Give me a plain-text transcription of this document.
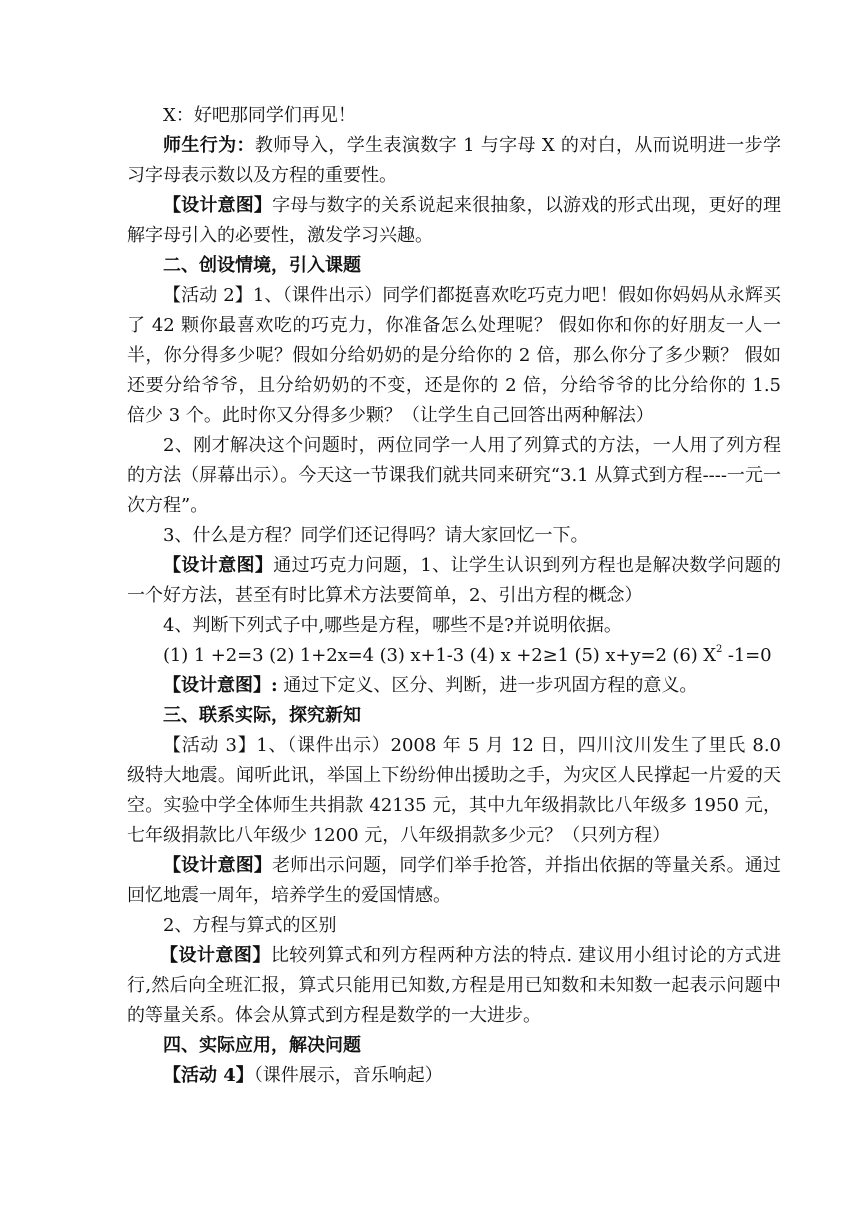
X：好吧那同学们再见！

师生行为：教师导入，学生表演数字 1 与字母 X 的对白，从而说明进一步学习字母表示数以及方程的重要性。

【设计意图】字母与数字的关系说起来很抽象，以游戏的形式出现，更好的理解字母引入的必要性，激发学习兴趣。

二、创设情境，引入课题

【活动 2】1、（课件出示）同学们都挺喜欢吃巧克力吧！假如你妈妈从永辉买了 42 颗你最喜欢吃的巧克力，你准备怎么处理呢？ 假如你和你的好朋友一人一半，你分得多少呢？假如分给奶奶的是分给你的 2 倍，那么你分了多少颗？ 假如还要分给爷爷，且分给奶奶的不变，还是你的 2 倍，分给爷爷的比分给你的 1.5 倍少 3 个。此时你又分得多少颗？（让学生自己回答出两种解法）

2、刚才解决这个问题时，两位同学一人用了列算式的方法，一人用了列方程的方法（屏幕出示）。今天这一节课我们就共同来研究“3.1 从算式到方程----一元一次方程”。

3、什么是方程？同学们还记得吗？请大家回忆一下。

【设计意图】通过巧克力问题，1、让学生认识到列方程也是解决数学问题的一个好方法，甚至有时比算术方法要简单，2、引出方程的概念）

4、判断下列式子中,哪些是方程，哪些不是?并说明依据。

(1) 1 +2=3 (2) 1+2x=4 (3) x+1-3 (4) x +2≥1 (5) x+y=2 (6) $X^2$ -1=0

【设计意图】: 通过下定义、区分、判断，进一步巩固方程的意义。

三、联系实际，探究新知

【活动 3】1、（课件出示）2008 年 5 月 12 日，四川汶川发生了里氏 8.0 级特大地震。闻听此讯，举国上下纷纷伸出援助之手，为灾区人民撑起一片爱的天空。实验中学全体师生共捐款 42135 元，其中九年级捐款比八年级多 1950 元，七年级捐款比八年级少 1200 元，八年级捐款多少元？（只列方程）

【设计意图】老师出示问题，同学们举手抢答，并指出依据的等量关系。通过回忆地震一周年，培养学生的爱国情感。

2、方程与算式的区别

【设计意图】比较列算式和列方程两种方法的特点. 建议用小组讨论的方式进行,然后向全班汇报，算式只能用已知数,方程是用已知数和未知数一起表示问题中的等量关系。体会从算式到方程是数学的一大进步。

四、实际应用，解决问题

【活动 4】（课件展示，音乐响起）
